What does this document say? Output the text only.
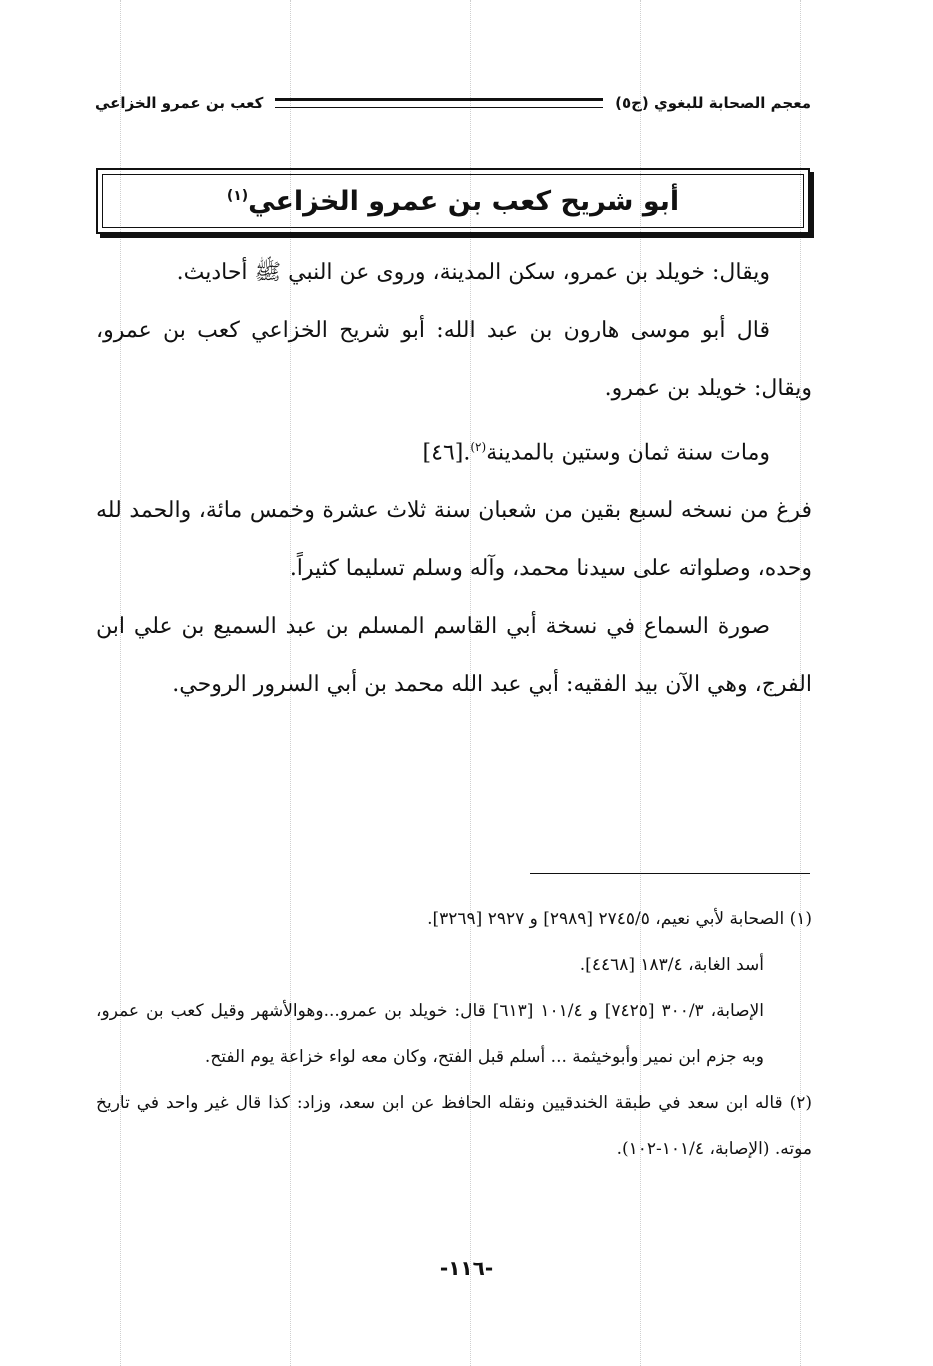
معجم الصحابة للبغوي (ج٥)
كعب بن عمرو الخزاعي
أبو شريح كعب بن عمرو الخزاعي$^{(١)}$

ويقال: خويلد بن عمرو، سكن المدينة، وروى عن النبي ﷺ أحاديث.

قال أبو موسى هارون بن عبد الله: أبو شريح الخزاعي كعب بن عمرو، ويقال: خويلد بن عمرو.

ومات سنة ثمان وستين بالمدينة$^{(٢)}$.[٤٦]

فرغ من نسخه لسبع بقين من شعبان سنة ثلاث عشرة وخمس مائة، والحمد لله وحده، وصلواته على سيدنا محمد، وآله وسلم تسليما كثيراً.

صورة السماع في نسخة أبي القاسم المسلم بن عبد السميع بن علي ابن الفرج، وهي الآن بيد الفقيه: أبي عبد الله محمد بن أبي السرور الروحي.

(١) الصحابة لأبي نعيم، ٢٧٤٥/٥ [٢٩٨٩] و ٢٩٢٧ [٣٢٦٩].

أسد الغابة، ١٨٣/٤ [٤٤٦٨].

الإصابة، ٣٠٠/٣ [٧٤٢٥] و ١٠١/٤ [٦١٣] قال: خويلد بن عمرو...وهوالأشهر وقيل كعب بن عمرو، وبه جزم ابن نمير وأبوخيثمة ... أسلم قبل الفتح، وكان معه لواء خزاعة يوم الفتح.

(٢) قاله ابن سعد في طبقة الخندقيين ونقله الحافظ عن ابن سعد، وزاد: كذا قال غير واحد في تاريخ موته. (الإصابة، ١٠١/٤-١٠٢).

-١١٦-
